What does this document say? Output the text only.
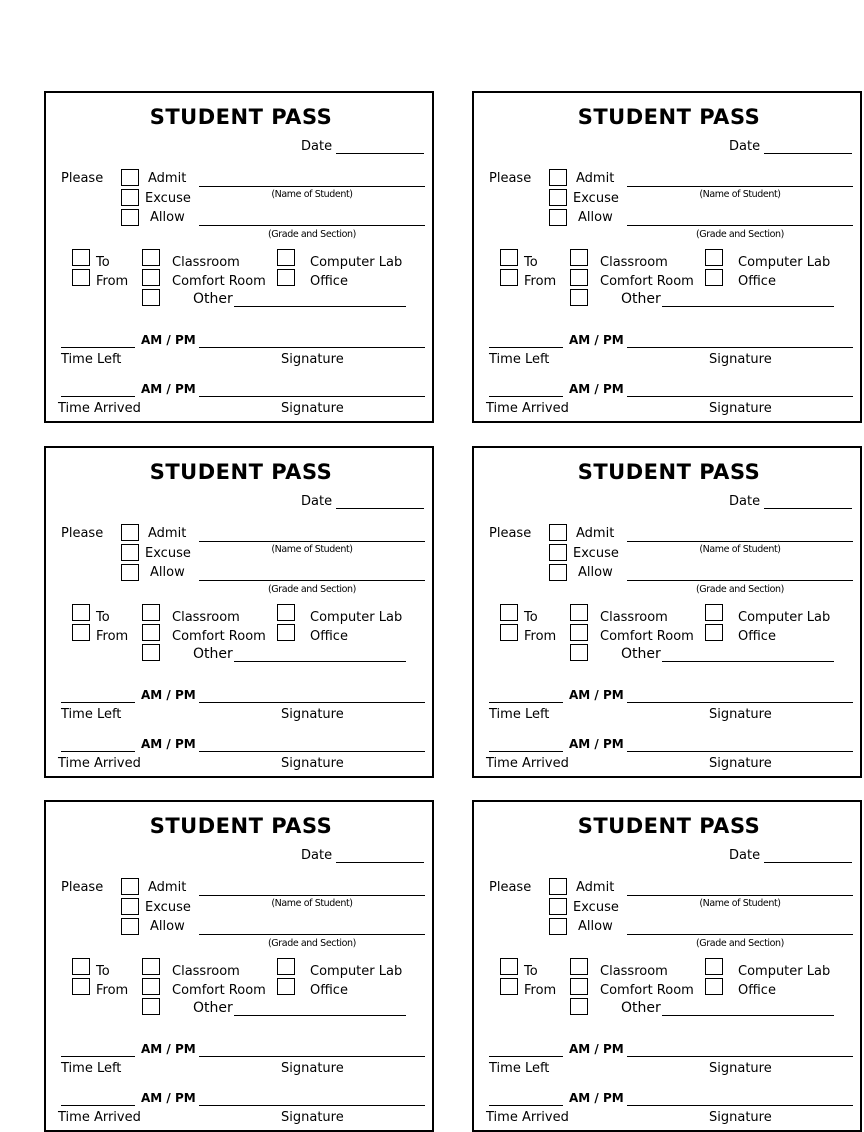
STUDENT PASS
Date
Please	Admit
Excuse
Allow
(Name of Student)
(Grade and Section)
To
From
Classroom
Comfort Room
Other
Computer Lab
Office
AM / PM
Time Left	Signature
AM / PM
Time Arrived	Signature
STUDENT PASS
Date
Please	Admit
Excuse
Allow
(Name of Student)
(Grade and Section)
To
From
Classroom
Comfort Room
Other
Computer Lab
Office
AM / PM
Time Left	Signature
AM / PM
Time Arrived	Signature
STUDENT PASS
Date
Please	Admit
Excuse
Allow
(Name of Student)
(Grade and Section)
To
From
Classroom
Comfort Room
Other
Computer Lab
Office
AM / PM
Time Left	Signature
AM / PM
Time Arrived	Signature
STUDENT PASS
Date
Please	Admit
Excuse
Allow
(Name of Student)
(Grade and Section)
To
From
Classroom
Comfort Room
Other
Computer Lab
Office
AM / PM
Time Left	Signature
AM / PM
Time Arrived	Signature
STUDENT PASS
Date
Please	Admit
Excuse
Allow
(Name of Student)
(Grade and Section)
To
From
Classroom
Comfort Room
Other
Computer Lab
Office
AM / PM
Time Left	Signature
AM / PM
Time Arrived	Signature
STUDENT PASS
Date
Please	Admit
Excuse
Allow
(Name of Student)
(Grade and Section)
To
From
Classroom
Comfort Room
Other
Computer Lab
Office
AM / PM
Time Left	Signature
AM / PM
Time Arrived	Signature
